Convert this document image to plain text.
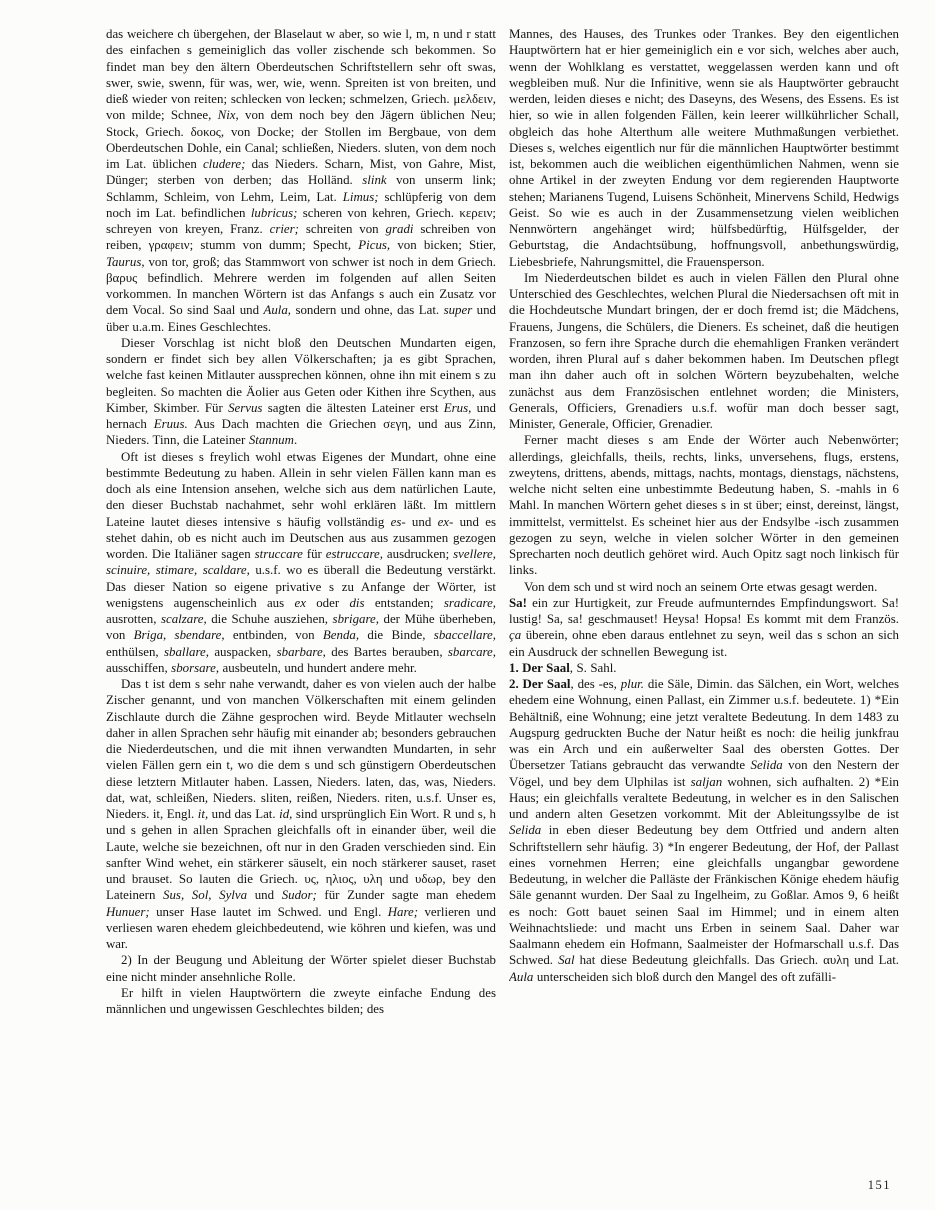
das weichere ch übergehen, der Blaselaut w aber, so wie l, m, n und r statt des einfachen s gemeiniglich das voller zischende sch bekommen. So findet man bey den ältern Oberdeutschen Schriftstellern sehr oft swas, swer, swie, swenn, für was, wer, wie, wenn. Spreiten ist von breiten, und dieß wieder von reiten; schlecken von lecken; schmelzen, Griech. μελδειν, von milde; Schnee, Nix, von dem noch bey den Jägern üblichen Neu; Stock, Griech. δοκος, von Docke; der Stollen im Bergbaue, von dem Oberdeutschen Dohle, ein Canal; schließen, Nieders. sluten, von dem noch im Lat. üblichen cludere; das Nieders. Scharn, Mist, von Gahre, Mist, Dünger; sterben von derben; das Holländ. slink von unserm link; Schlamm, Schleim, von Lehm, Leim, Lat. Limus; schlüpferig von dem noch im Lat. befindlichen lubricus; scheren von kehren, Griech. κερειν; schreyen von kreyen, Franz. crier; schreiten von gradi schreiben von reiben, γραφειν; stumm von dumm; Specht, Picus, von bicken; Stier, Taurus, von tor, groß; das Stammwort von schwer ist noch in dem Griech. βαρυς befindlich. Mehrere werden im folgenden auf allen Seiten vorkommen. In manchen Wörtern ist das Anfangs s auch ein Zusatz vor dem Vocal. So sind Saal und Aula, sondern und ohne, das Lat. super und über u.a.m. Eines Geschlechtes.

Dieser Vorschlag ist nicht bloß den Deutschen Mundarten eigen, sondern er findet sich bey allen Völkerschaften; ja es gibt Sprachen, welche fast keinen Mitlauter aussprechen können, ohne ihn mit einem s zu begleiten. So machten die Äolier aus Geten oder Kithen ihre Scythen, aus Kimber, Skimber. Für Servus sagten die ältesten Lateiner erst Erus, und hernach Eruus. Aus Dach machten die Griechen σεγη, und aus Zinn, Nieders. Tinn, die Lateiner Stannum.

Oft ist dieses s freylich wohl etwas Eigenes der Mundart, ohne eine bestimmte Bedeutung zu haben. Allein in sehr vielen Fällen kann man es doch als eine Intension ansehen, welche sich aus dem natürlichen Laute, den dieser Buchstab nachahmet, sehr wohl erklären läßt. Im mittlern Lateine lautet dieses intensive s häufig vollständig es- und ex- und es stehet dahin, ob es nicht auch im Deutschen aus aus zusammen gezogen worden. Die Italiäner sagen struccare für estruccare, ausdrucken; svellere, scinuire, stimare, scaldare, u.s.f. wo es überall die Bedeutung verstärkt. Das dieser Nation so eigene privative s zu Anfange der Wörter, ist wenigstens augenscheinlich aus ex oder dis entstanden; sradicare, ausrotten, scalzare, die Schuhe ausziehen, sbrigare, der Mühe überheben, von Briga, sbendare, entbinden, von Benda, die Binde, sbaccellare, enthülsen, sballare, auspacken, sbarbare, des Bartes berauben, sbarcare, ausschiffen, sborsare, ausbeuteln, und hundert andere mehr.

Das t ist dem s sehr nahe verwandt, daher es von vielen auch der halbe Zischer genannt, und von manchen Völkerschaften mit einem gelinden Zischlaute durch die Zähne gesprochen wird. Beyde Mitlauter wechseln daher in allen Sprachen sehr häufig mit einander ab; besonders gebrauchen die Niederdeutschen, und die mit ihnen verwandten Mundarten, in sehr vielen Fällen gern ein t, wo die dem s und sch günstigern Oberdeutschen diese letztern Mitlauter haben. Lassen, Nieders. laten, das, was, Nieders. dat, wat, schleißen, Nieders. sliten, reißen, Nieders. riten, u.s.f. Unser es, Nieders. it, Engl. it, und das Lat. id, sind ursprünglich Ein Wort. R und s, h und s gehen in allen Sprachen gleichfalls oft in einander über, weil die Laute, welche sie bezeichnen, oft nur in den Graden verschieden sind. Ein sanfter Wind wehet, ein stärkerer säuselt, ein noch stärkerer sauset, raset und brauset. So lauten die Griech. υς, ηλιος, υλη und υδωρ, bey den Lateinern Sus, Sol, Sylva und Sudor; für Zunder sagte man ehedem Hunuer; unser Hase lautet im Schwed. und Engl. Hare; verlieren und verliesen waren ehedem gleichbedeutend, wie köhren und kiefen, was und war.

2) In der Beugung und Ableitung der Wörter spielet dieser Buchstab eine nicht minder ansehnliche Rolle.

Er hilft in vielen Hauptwörtern die zweyte einfache Endung des männlichen und ungewissen Geschlechtes bilden; des

Mannes, des Hauses, des Trunkes oder Trankes. Bey den eigentlichen Hauptwörtern hat er hier gemeiniglich ein e vor sich, welches aber auch, wenn der Wohlklang es verstattet, weggelassen werden kann und oft wegbleiben muß. Nur die Infinitive, wenn sie als Hauptwörter gebraucht werden, leiden dieses e nicht; des Daseyns, des Wesens, des Essens. Es ist hier, so wie in allen folgenden Fällen, kein leerer willkührlicher Schall, obgleich das hohe Alterthum alle weitere Muthmaßungen verbiethet. Dieses s, welches eigentlich nur für die männlichen Hauptwörter bestimmt ist, bekommen auch die weiblichen eigenthümlichen Nahmen, wenn sie ohne Artikel in der zweyten Endung vor dem regierenden Hauptworte stehen; Marianens Tugend, Luisens Schönheit, Minervens Schild, Hedwigs Geist. So wie es auch in der Zusammensetzung vielen weiblichen Nennwörtern angehänget wird; hülfsbedürftig, Hülfsgelder, der Geburtstag, die Andachtsübung, hoffnungsvoll, anbethungswürdig, Liebesbriefe, Nahrungsmittel, die Frauensperson.

Im Niederdeutschen bildet es auch in vielen Fällen den Plural ohne Unterschied des Geschlechtes, welchen Plural die Niedersachsen oft mit in die Hochdeutsche Mundart bringen, der er doch fremd ist; die Mädchens, Frauens, Jungens, die Schülers, die Dieners. Es scheinet, daß die heutigen Franzosen, so fern ihre Sprache durch die ehemahligen Franken verändert worden, ihren Plural auf s daher bekommen haben. Im Deutschen pflegt man ihn daher auch oft in solchen Wörtern beyzubehalten, welche zunächst aus dem Französischen entlehnet worden; die Ministers, Generals, Officiers, Grenadiers u.s.f. wofür man doch besser sagt, Minister, Generale, Officier, Grenadier.

Ferner macht dieses s am Ende der Wörter auch Nebenwörter; allerdings, gleichfalls, theils, rechts, links, unversehens, flugs, erstens, zweytens, drittens, abends, mittags, nachts, montags, dienstags, nächstens, welche nicht selten eine unbestimmte Bedeutung haben, S. -mahls in 6 Mahl. In manchen Wörtern gehet dieses s in st über; einst, dereinst, längst, immittelst, vermittelst. Es scheinet hier aus der Endsylbe -isch zusammen gezogen zu seyn, welche in vielen solcher Wörter in den gemeinen Sprecharten noch deutlich gehöret wird. Auch Opitz sagt noch linkisch für links.

Von dem sch und st wird noch an seinem Orte etwas gesagt werden.

Sa! ein zur Hurtigkeit, zur Freude aufmunterndes Empfindungswort. Sa! lustig! Sa, sa! geschmauset! Heysa! Hopsa! Es kommt mit dem Französ. ça überein, ohne eben daraus entlehnet zu seyn, weil das s schon an sich ein Ausdruck der schnellen Bewegung ist.

1. Der Saal, S. Sahl.

2. Der Saal, des -es, plur. die Säle, Dimin. das Sälchen, ein Wort, welches ehedem eine Wohnung, einen Pallast, ein Zimmer u.s.f. bedeutete. 1) *Ein Behältniß, eine Wohnung; eine jetzt veraltete Bedeutung. In dem 1483 zu Augspurg gedruckten Buche der Natur heißt es noch: die heilig junkfrau was ein Arch und ein außerwelter Saal des obersten Gottes. Der Übersetzer Tatians gebraucht das verwandte Selida von den Nestern der Vögel, und bey dem Ulphilas ist saljan wohnen, sich aufhalten. 2) *Ein Haus; ein gleichfalls veraltete Bedeutung, in welcher es in den Salischen und andern alten Gesetzen vorkommt. Mit der Ableitungssylbe de ist Selida in eben dieser Bedeutung bey dem Ottfried und andern alten Schriftstellern sehr häufig. 3) *In engerer Bedeutung, der Hof, der Pallast eines vornehmen Herren; eine gleichfalls ungangbar gewordene Bedeutung, in welcher die Palläste der Fränkischen Könige ehedem häufig Säle genannt wurden. Der Saal zu Ingelheim, zu Goßlar. Amos 9, 6 heißt es noch: Gott bauet seinen Saal im Himmel; und in einem alten Weihnachtsliede: und macht uns Erben in seinem Saal. Daher war Saalmann ehedem ein Hofmann, Saalmeister der Hofmarschall u.s.f. Das Schwed. Sal hat diese Bedeutung gleichfalls. Das Griech. αυλη und Lat. Aula unterscheiden sich bloß durch den Mangel des oft zufälli-

151
